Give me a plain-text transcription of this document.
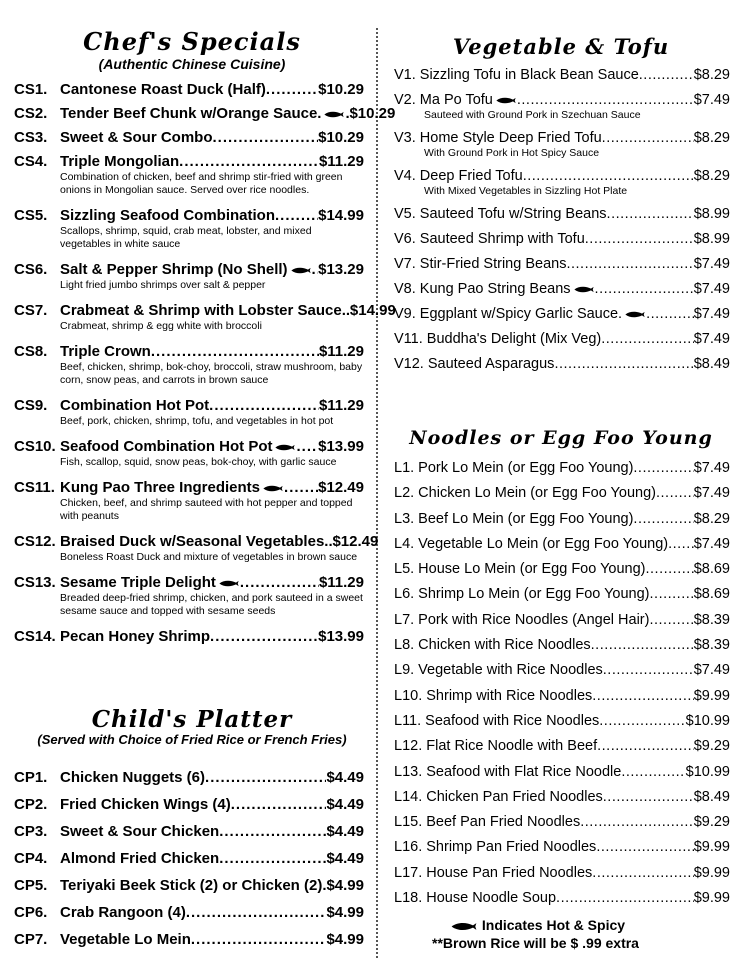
Chef's Specials
(Authentic Chinese Cuisine)
CS1. Cantonese Roast Duck (Half) .....	$10.29
CS2. Tender Beef Chunk w/Orange Sauce. ..... $10.29
CS3. Sweet & Sour Combo .....	$10.29
CS4. Triple Mongolian .....	$11.29
Combination of chicken, beef and shrimp stir-fried with green onions in Mongolian sauce. Served over rice noodles.
CS5. Sizzling Seafood Combination .....	$14.99
Scallops, shrimp, squid, crab meat, lobster, and mixed vegetables in white sauce
CS6. Salt & Pepper Shrimp (No Shell) ..... $13.29
Light fried jumbo shrimps over salt & pepper
CS7. Crabmeat & Shrimp with Lobster Sauce. ..... $14.99
Crabmeat, shrimp & egg white with broccoli
CS8. Triple Crown .....	$11.29
Beef, chicken, shrimp, bok-choy, broccoli, straw mushroom, baby corn, snow peas, and carrots in brown sauce
CS9. Combination Hot Pot .....	$11.29
Beef, pork, chicken, shrimp, tofu, and vegetables in hot pot
CS10. Seafood Combination Hot Pot .....	$13.99
Fish, scallop, squid, snow peas, bok-choy, with garlic sauce
CS11. Kung Pao Three Ingredients .....	$12.49
Chicken, beef, and shrimp sauteed with hot pepper and topped with peanuts
CS12. Braised Duck w/Seasonal Vegetables. ..... $12.49
Boneless Roast Duck and mixture of vegetables in brown sauce
CS13. Sesame Triple Delight .....	$11.29
Breaded deep-fried shrimp, chicken, and pork sauteed in a sweet sesame sauce and topped with sesame seeds
CS14. Pecan Honey Shrimp .....	$13.99
Child's Platter
(Served with Choice of Fried Rice or French Fries)
CP1. Chicken Nuggets (6) .....	$4.49
CP2. Fried Chicken Wings (4) .....	$4.49
CP3. Sweet & Sour Chicken .....	$4.49
CP4. Almond Fried Chicken .....	$4.49
CP5. Teriyaki Beek Stick (2) or Chicken (2) ..... $4.99
CP6. Crab Rangoon (4) .....	$4.99
CP7. Vegetable Lo Mein .....	$4.99
Vegetable & Tofu
V1. Sizzling Tofu in Black Bean Sauce .....	$8.29
V2. Ma Po Tofu .....	$7.49
Sauteed with Ground Pork in Szechuan Sauce
V3. Home Style Deep Fried Tofu .....	$8.29
With Ground Pork in Hot Spicy Sauce
V4. Deep Fried Tofu .....	$8.29
With Mixed Vegetables in Sizzling Hot Plate
V5. Sauteed Tofu w/String Beans .....	$8.99
V6. Sauteed Shrimp with Tofu .....	$8.99
V7. Stir-Fried String Beans .....	$7.49
V8. Kung Pao String Beans .....	$7.49
V9. Eggplant w/Spicy Garlic Sauce. .....	$7.49
V11. Buddha's Delight (Mix Veg) .....	$7.49
V12. Sauteed Asparagus .....	$8.49
Noodles or Egg Foo Young
L1. Pork Lo Mein (or Egg Foo Young) .....	$7.49
L2. Chicken Lo Mein (or Egg Foo Young) .....	$7.49
L3. Beef Lo Mein (or Egg Foo Young) .....	$8.29
L4. Vegetable Lo Mein (or Egg Foo Young) ..... $7.49
L5. House Lo Mein (or Egg Foo Young) .....	$8.69
L6. Shrimp Lo Mein (or Egg Foo Young) .....	$8.69
L7. Pork with Rice Noodles (Angel Hair) .....	$8.39
L8. Chicken with Rice Noodles .....	$8.39
L9. Vegetable with Rice Noodles .....	$7.49
L10. Shrimp with Rice Noodles .....	$9.99
L11. Seafood with Rice Noodles .....	$10.99
L12. Flat Rice Noodle with Beef .....	$9.29
L13. Seafood with Flat Rice Noodle .....	$10.99
L14. Chicken Pan Fried Noodles .....	$8.49
L15. Beef Pan Fried Noodles .....	$9.29
L16. Shrimp Pan Fried Noodles .....	$9.99
L17. House Pan Fried Noodles .....	$9.99
L18. House Noodle Soup .....	$9.99
Indicates Hot & Spicy
**Brown Rice will be $ .99 extra
